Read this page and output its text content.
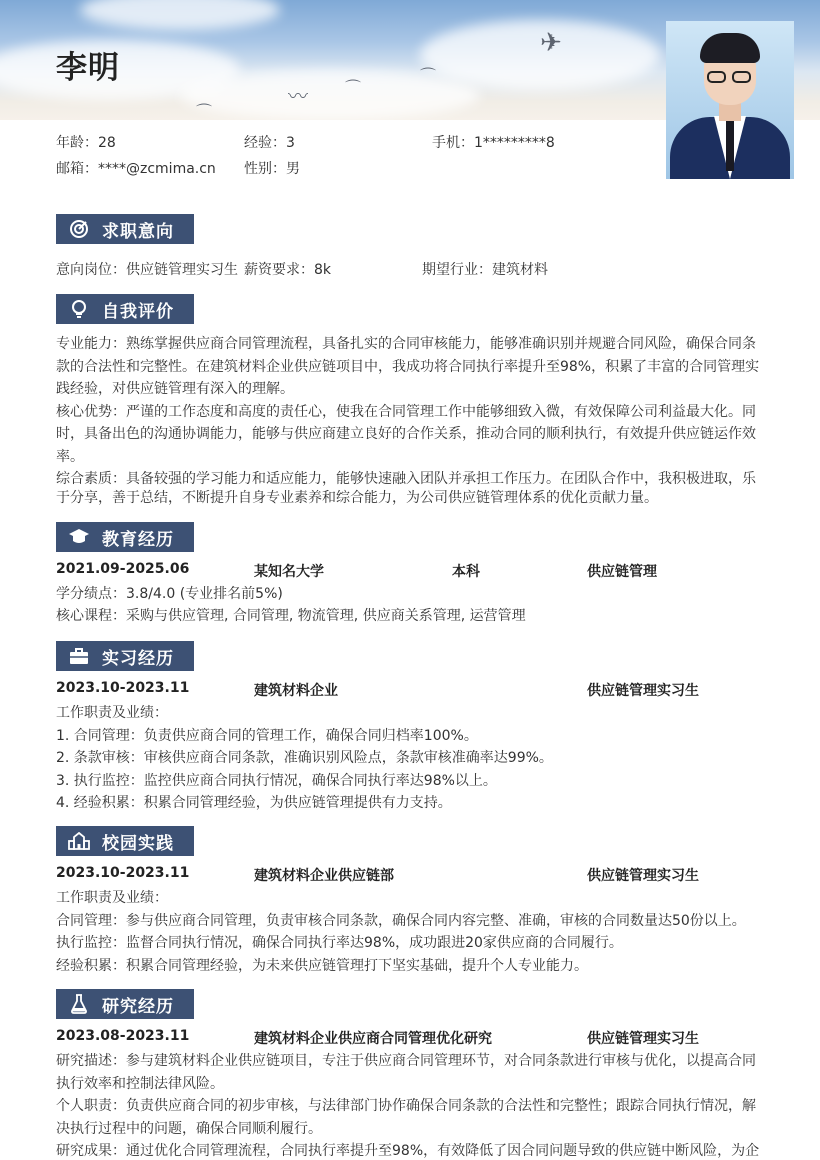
✈
⌒
⌒
〰
⌒
李明
年龄：28	经验：3	手机：1*********8
邮箱：****@zcmima.cn 性别：男
求职意向
意向岗位：供应链管理实习生 薪资要求：8k	期望行业：建筑材料
自我评价
专业能力：熟练掌握供应商合同管理流程，具备扎实的合同审核能力，能够准确识别并规避合同风险，确保合同条
款的合法性和完整性。在建筑材料企业供应链项目中，我成功将合同执行率提升至98%，积累了丰富的合同管理实
践经验，对供应链管理有深入的理解。
核心优势：严谨的工作态度和高度的责任心，使我在合同管理工作中能够细致入微，有效保障公司利益最大化。同
时，具备出色的沟通协调能力，能够与供应商建立良好的合作关系，推动合同的顺利执行，有效提升供应链运作效
率。
综合素质：具备较强的学习能力和适应能力，能够快速融入团队并承担工作压力。在团队合作中，我积极进取，乐
于分享，善于总结，不断提升自身专业素养和综合能力，为公司供应链管理体系的优化贡献力量。
教育经历
2021.09-2025.06	某知名大学	本科	供应链管理
学分绩点：3.8/4.0 (专业排名前5%)
核心课程：采购与供应管理, 合同管理, 物流管理, 供应商关系管理, 运营管理
实习经历
2023.10-2023.11	建筑材料企业	供应链管理实习生
工作职责及业绩：
1. 合同管理：负责供应商合同的管理工作，确保合同归档率100%。
2. 条款审核：审核供应商合同条款，准确识别风险点，条款审核准确率达99%。
3. 执行监控：监控供应商合同执行情况，确保合同执行率达98%以上。
4. 经验积累：积累合同管理经验，为供应链管理提供有力支持。
校园实践
2023.10-2023.11	建筑材料企业供应链部	供应链管理实习生
工作职责及业绩：
合同管理：参与供应商合同管理，负责审核合同条款，确保合同内容完整、准确，审核的合同数量达50份以上。
执行监控：监督合同执行情况，确保合同执行率达98%，成功跟进20家供应商的合同履行。
经验积累：积累合同管理经验，为未来供应链管理打下坚实基础，提升个人专业能力。
研究经历
2023.08-2023.11	建筑材料企业供应商合同管理优化研究	供应链管理实习生
研究描述：参与建筑材料企业供应链项目，专注于供应商合同管理环节，对合同条款进行审核与优化，以提高合同
执行效率和控制法律风险。
个人职责：负责供应商合同的初步审核，与法律部门协作确保合同条款的合法性和完整性；跟踪合同执行情况，解
决执行过程中的问题，确保合同顺利履行。
研究成果：通过优化合同管理流程，合同执行率提升至98%，有效降低了因合同问题导致的供应链中断风险，为企
